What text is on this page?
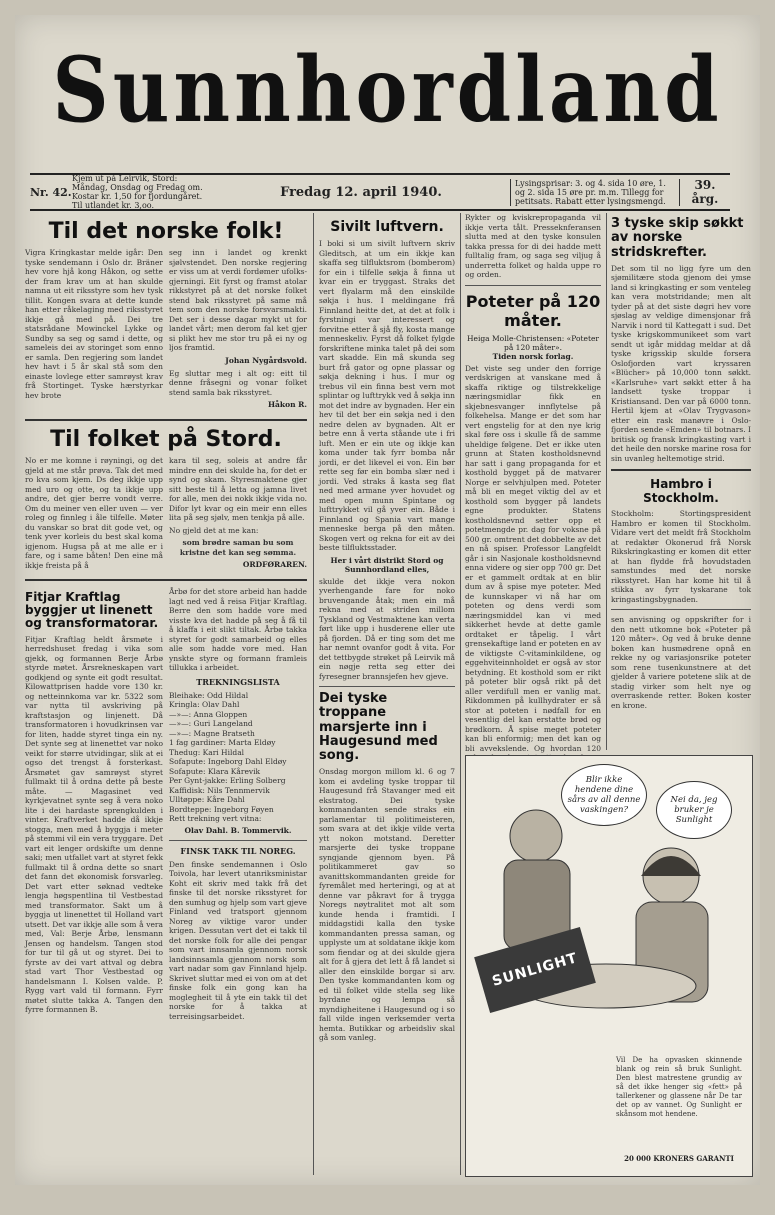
Sunnhordland
Nr. 42.
Kjem ut på Leirvik, Stord: Måndag, Onsdag og Fredag om. Kostar kr. 1,50 for fjordungåret. Til utlandet kr. 3,oo.
Fredag 12. april 1940.
Lysingsprisar: 3. og 4. sida 10 øre, 1. og 2. sida 15 øre pr. m.m. Tillegg for petitsats. Rabatt etter lysingsmengd.
39. årg.
Til det norske folk!

Vigra Kringkastar melde igår: Den tyske sendemann i Oslo dr. Bräner hev vore hjå kong Håkon, og sette der fram krav um at han skulde namna ut eit riksstyre som hev tysk tillit. Kongen svara at dette kunde han etter råkelaging med riksstyret ikkje gå med på. Dei tre statsrådane Mowinckel Lykke og Sundby sa seg og samd i dette, og sameleis dei av storinget som enno er samla. Den regjering som landet hev havt i 5 år skal stå som den einaste lovlege etter samrøyst krav frå Stortinget. Tyske hærstyrkar hev brote

seg inn i landet og krenkt sjølvstendet. Den norske regjering er viss um at verdi fordømer ufolks-gjerningi. Eit fyrst og framst atolar rikkstyret på at det norske folket stend bak riksstyret på same må tem som den norske forsvarsmakti. Det ser i desse dagar mykt ut for landet vårt; men derom fal ket gjer si plikt hev me stor tru på ei ny og ljos framtid.

Johan Nygårdsvold.

Eg sluttar meg i alt og: eitt til denne fråsegni og vonar folket stend samla bak riksstyret.

Håkon R.
Til folket på Stord.

No er me komne i røyningi, og det gjeld at me står prøva. Tak det med ro kva som kjem. Ds deg ikkje upp med uro og otte, og ta ikkje upp andre, det gjer berre vondt verre. Om du meiner ven eller uven — ver roleg og finnleg i åle tilfelle. Møter du vanskar so brat dit gode vet, og tenk yver korleis du best skal koma igjenom. Hugsa på at me alle er i fare, og i same båten! Den eine må ikkje freista på å

kara til seg, soleis at andre får mindre enn dei skulde ha, for det er synd og skam. Styresmaktene gjer sitt beste til å letta og jamna livet for alle, men dei nokk ikkje vida no. Difor lyt kvar og ein meir enn elles lita på seg sjølv, men tenkja på alle.

No gjeld det at me kan:

som brødre saman bu som kristne det kan seg sømma.

ORDFØRAREN.
Fitjar Kraftlag byggjer ut linenett og transformatorar.

Fitjar Kraftlag heldt årsmøte i herredshuset fredag i vika som gjekk, og formannen Berje Årbø styrde møtet. Årsrekneskapen vart godkjend og synte eit godt resultat. Kilowattprisen hadde vore 130 kr. og netteinnkoma var kr. 5322 som var nytta til avskriving på kraftstasjon og linjenett. Då transformatoren i hovudkrinsen var for liten, hadde styret tinga ein ny. Det synte seg at linenettet var noko veikt for større utvidingar, slik at ei ogso det trengst å forsterkast. Årsmøtet gav samrøyst styret fullmakt til å ordna dette på beste måte. — Magasinet ved kyrkjevatnet synte seg å vera noko lite i dei hardaste sprengkulden i vinter. Kraftverket hadde då ikkje stogga, men med å byggja i meter på stemmi vil ein vera tryggare. Det vart eit lenger ordskifte um denne saki; men utfallet vart at styret fekk fullmakt til å ordna dette so snart det fann det økonomisk forsvarleg. Det vart etter søknad vedteke lengja høgspentlina til Vestbestad med transformator. Sakt um å byggja ut linenettet til Holland vart utsett. Det var ikkje alle som å vera med, Val: Berje Årbø, lensmann Jensen og handelsm. Tangen stod for tur til gå ut og styret. Dei to fyrste av dei vart attval og debra stad vart Thor Vestbestad og handelsmann I. Kolsen valde. P. Rygg vart vald til formann. Fyrr møtet slutte takka A. Tangen den fyrre formannen B.

Årbø for det store arbeid han hadde lagt ned ved å reisa Fitjar Kraftlag. Berre den som hadde vore med visste kva det hadde på seg å få til å klaffa i eit slikt tiltak. Årbø takka styret for godt samarbeid og elles alle som hadde vore med. Han ynskte styre og formann framleis tillukka i arbeidet.

TREKNINGSLISTA
Bleihake: Odd Hildal
Kringla: Olav Dahl
—»—: Anna Gloppen
—»—: Guri Langeland
—»—: Magne Bratseth
1 fag gardiner: Marta Eldøy
Thedug: Kari Hildal
Sofapute: Ingeborg Dahl Eldøy
Sofapute: Klara Kårevik
Per Gynt-jakke: Erling Solberg
Kaffidisk: Nils Tennmervik
Ulltøppe: Kåre Dahl
Bordteppe: Ingeborg Føyen
Rett trekning vert vitna:
Olav Dahl. B. Tommervik.
FINSK TAKK TIL NOREG.

Den finske sendemannen i Oslo Toivola, har levert utanriksministar Koht eit skriv med takk frå det finske til det norske riksstyret for den sumhug og hjelp som vart gjeve Finland ved tratsport gjennom Noreg av viktige varor under krigen. Dessutan vert det ei takk til det norske folk for alle dei pengar som vart innsamla gjennom norsk landsinnsamla gjennom norsk som vart nadar som gav Finnland hjelp. Skrivet sluttar med ei von om at det finske folk ein gong kan ha moglegheit til å yte ein takk til det norske for å takka at terreisingsarbeidet.

Sivilt luftvern.

I boki si um sivilt luftvern skriv Gleditsch, at um ein ikkje kan skaffa seg tilfluktsrom (bomberom) for ein i tilfelle søkja å finna ut kvar ein er tryggast. Straks det vert flyalarm må den einskilde søkja i hus. I meldingane frå Finnland heitte det, at det at folk i fyrstningi var interessert og forvitne etter å sjå fly, kosta mange menneskeliv. Fyrst då folket fylgde forskriftene minka talet på dei som vart skadde. Ein må skunda seg burt frå gator og opne plassar og søkja dekning i hus. I mur og trebus vil ein finna best vern mot splintar og lufttrykk ved å søkja inn mot det indre av bygnaden. Her ein hev til det ber ein søkja ned i den nedre delen av bygnaden. Alt er betre enn å verta ståande ute i fri luft. Men er ein ute og ikkje kan koma under tak fyrr bomba når jordi, er det likevel ei von. Ein bør rette seg før ein bomba slær ned i jordi. Ved straks å kasta seg flat ned med armane yver hovudet og med open munn Spintane og lufttrykket vil gå yver ein. Både i Finnland og Spania vart mange menneske berga på den måten. Skogen vert og rekna for eit av dei beste tilfluktsstader.

Her i vårt distrikt Stord og Sunnhordland elles,

skulde det ikkje vera nokon yverhengande fare for noko bruvengande åtak; men ein må rekna med at striden millom Tyskland og Vestmaktene kan verta ført like upp i husderene eller ute på fjorden. Då er ting som det me har nemnt ovanfor godt å vita. For det tettbygde strøket på Leirvik må ein nøgje retta seg etter dei fyresegner brannsjefen hev gjeve.

Dei tyske troppane marsjerte inn i Haugesund med song.

Onsdag morgon millom kl. 6 og 7 kom ei avdeling tyske troppar til Haugesund frå Stavanger med eit ekstratog. Dei tyske kommandanten sende straks ein parlamentar til politimeisteren, som svara at det ikkje vilde verta ytt nokon motstand. Deretter marsjerte dei tyske troppane syngjande gjennom byen. På politikammeret gav so avanittskommandanten greide for fyremålet med herteringi, og at at denne var påkravt for å trygga Noregs nøytralitet mot alt som kunde henda i framtidi. I middagstidi kalla den tyske kommandanten pressa saman, og upplyste um at soldatane ikkje kom som fiendar og at dei skulde gjera alt for å gjera det lett å få landet si aller den einskilde borgar si arv. Den tyske kommandanten kom og ed til folket vilde stella seg like byrdane og lempa så myndigheitene i Haugesund og i so fall vilde ingen verksemder verta hemta. Butikkar og arbeidsliv skal gå som vanleg.

Rykter og kviskrepropaganda vil ikkje verta tålt. Presseknferansen slutta med at den tyske konsulen takka pressa for di dei hadde mett fulltalig fram, og saga seg viljug å underretta folket og halda uppe ro og orden.

Poteter på 120 måter.
Heiga Molle-Christensen: «Poteter på 120 måter».
Tiden norsk forlag.

Det viste seg under den forrige verdskrigen at vanskane med å skaffa riktige og tilstrekkelige næringsmidlar fikk en skjebnesvanger innflytelse på folkehelsa. Mange er det som har vert engstelig for at den nye krig skal føre oss i skulle få de samme uheldige følgene. Det er ikke uten grunn at Staten kostholdsnevnd har satt i gang propaganda for et kosthold bygget på de matvarer Norge er selvhjulpen med. Poteter må bli en meget viktig del av et kosthold som bygger på landets egne produkter. Statens kostholdsnevnd setter opp et potetmengde pr. dag for voksne på 500 gr. omtrent det dobbelte av det en nå spiser. Professor Langfeldt går i sin Nasjonale kostholdsnevnd enna videre og sier opp 700 gr. Det er et gammelt ordtak at en blir dum av å spise mye poteter. Med de kunnskaper vi nå har om poteten og dens verdi som næringsmiddel kan vi med sikkerhet hevde at dette gamle ordtaket er tåpelig. I vårt grensekaftige land er poteten en av de viktigste C-vitaminkildene, og eggehviteinnholdet er også av stor betydning. Et kosthold som er rikt på poteter blir også rikt på det aller verdifull men er vanlig mat. Rikdommen på kullhydrater er så stor at poteten i nødfall for en vesentlig del kan erstatte brød og brødkorn. Å spise meget poteter kan bli enformig; men det kan og bli avvekslende. Og hvordan 120

3 tyske skip søkkt av norske stridskrefter.

Det som til no ligg fyre um den sjømilitære stoda gjenom dei ymse land si kringkasting er som venteleg kan vera motstridande; men alt tyder på at det siste døgri hev vore sjøslag av veldige dimensjonar frå Narvik i nord til Kattegatt i sud. Det tyske krigskommunikeet som vart sendt ut igår middag meldar at då tyske krigsskip skulde forsera Oslofjorden vart kryssaren «Blücher» på 10,000 tonn søkkt. «Karlsruhe» vart søkkt etter å ha landsett tyske troppar i Kristiansand. Den var på 6000 tonn. Hertil kjem at «Olav Trygvason» etter ein rask manøvre i Oslo-fjorden sende «Emden» til botnars. I britisk og fransk kringkasting vart i det heile den norske marine rosa for sin uvanleg heltemotige strid.

Hambro i Stockholm.

Stockholm: Stortingspresident Hambro er komen til Stockholm. Vidare vert det meldt frå Stockholm at redaktør Okonerud frå Norsk Rikskringkasting er komen dit etter at han flydde frå hovudstaden samstundes med det norske riksstyret. Han har kome hit til å stikka av fyrr tyskarane tok kringastingsbygnaden.

sen anvisning og oppskrifter for i den nett utkomne bok «Poteter på 120 måter». Og ved å bruke denne boken kan husmødrene opnå en rekke ny og variasjonsrike poteter som rene tusenkunstnere at det gjelder å variere potetene slik at de stadig virker som helt nye og overraskende retter. Boken koster en krone.

Blir ikke hendene dine sårs av all denne vaskingen?
Nei da, jeg bruker je Sunlight
SUNLIGHT

Vil De ha opvasken skinnende blank og rein så bruk Sunlight. Den blest matrestene grundig av så det ikke henger sig «fett» på tallerkener og glassene når De tar det op av vannet. Og Sunlight er skånsom mot hendene.

20 000 KRONERS GARANTI
